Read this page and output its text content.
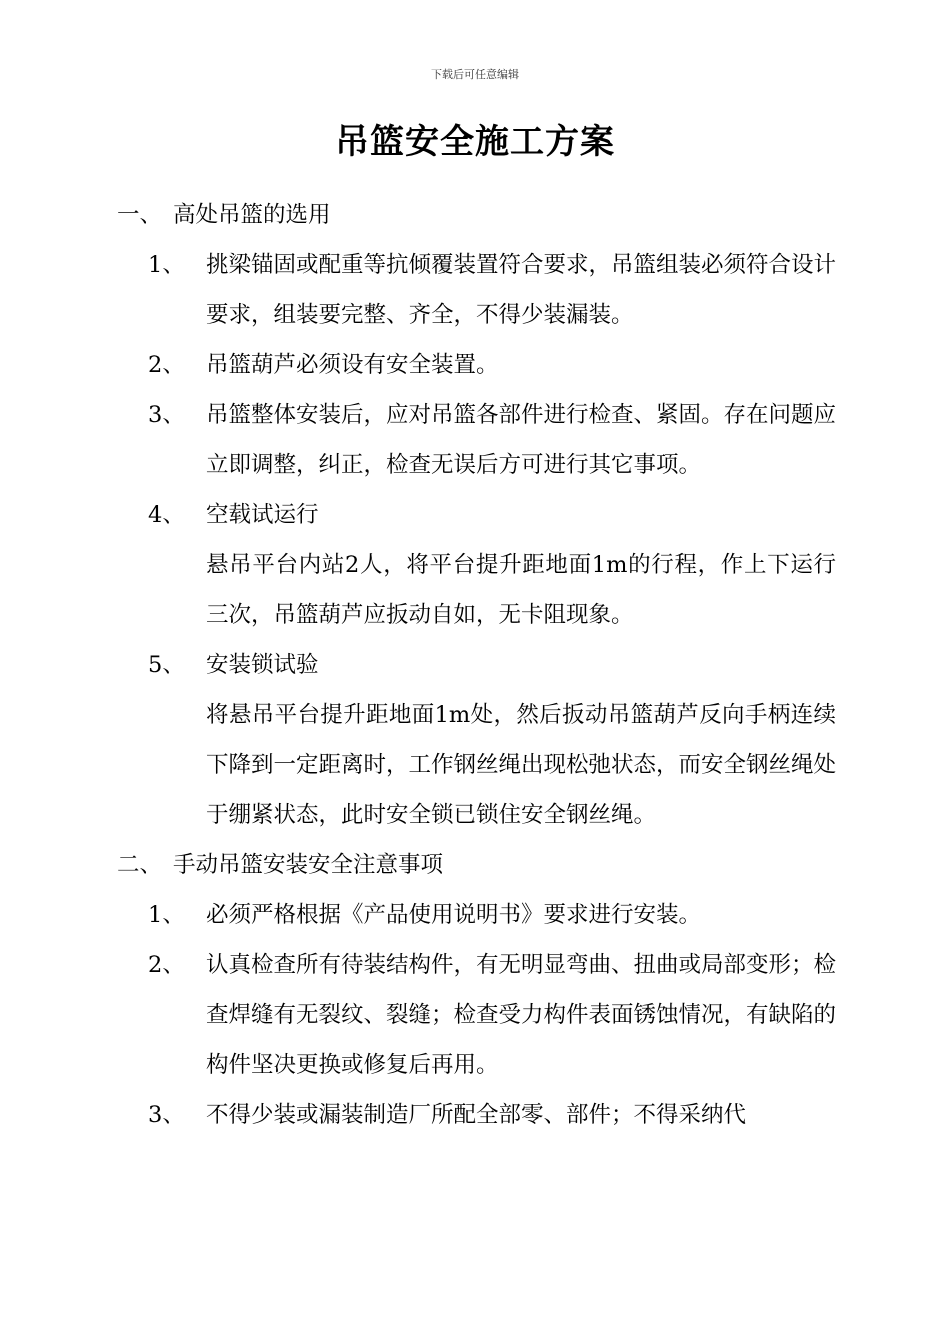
下载后可任意编辑
吊篮安全施工方案
一、 高处吊篮的选用
1、 挑梁锚固或配重等抗倾覆装置符合要求，吊篮组装必须符合设计要求，组装要完整、齐全，不得少装漏装。
2、 吊篮葫芦必须设有安全装置。
3、 吊篮整体安装后，应对吊篮各部件进行检查、紧固。存在问题应立即调整，纠正，检查无误后方可进行其它事项。
4、 空载试运行
悬吊平台内站2人，将平台提升距地面1m的行程，作上下运行三次，吊篮葫芦应扳动自如，无卡阻现象。
5、 安装锁试验
将悬吊平台提升距地面1m处，然后扳动吊篮葫芦反向手柄连续下降到一定距离时，工作钢丝绳出现松弛状态，而安全钢丝绳处于绷紧状态，此时安全锁已锁住安全钢丝绳。
二、 手动吊篮安装安全注意事项
1、 必须严格根据《产品使用说明书》要求进行安装。
2、 认真检查所有待装结构件，有无明显弯曲、扭曲或局部变形；检查焊缝有无裂纹、裂缝；检查受力构件表面锈蚀情况，有缺陷的构件坚决更换或修复后再用。
3、 不得少装或漏装制造厂所配全部零、部件；不得采纳代
